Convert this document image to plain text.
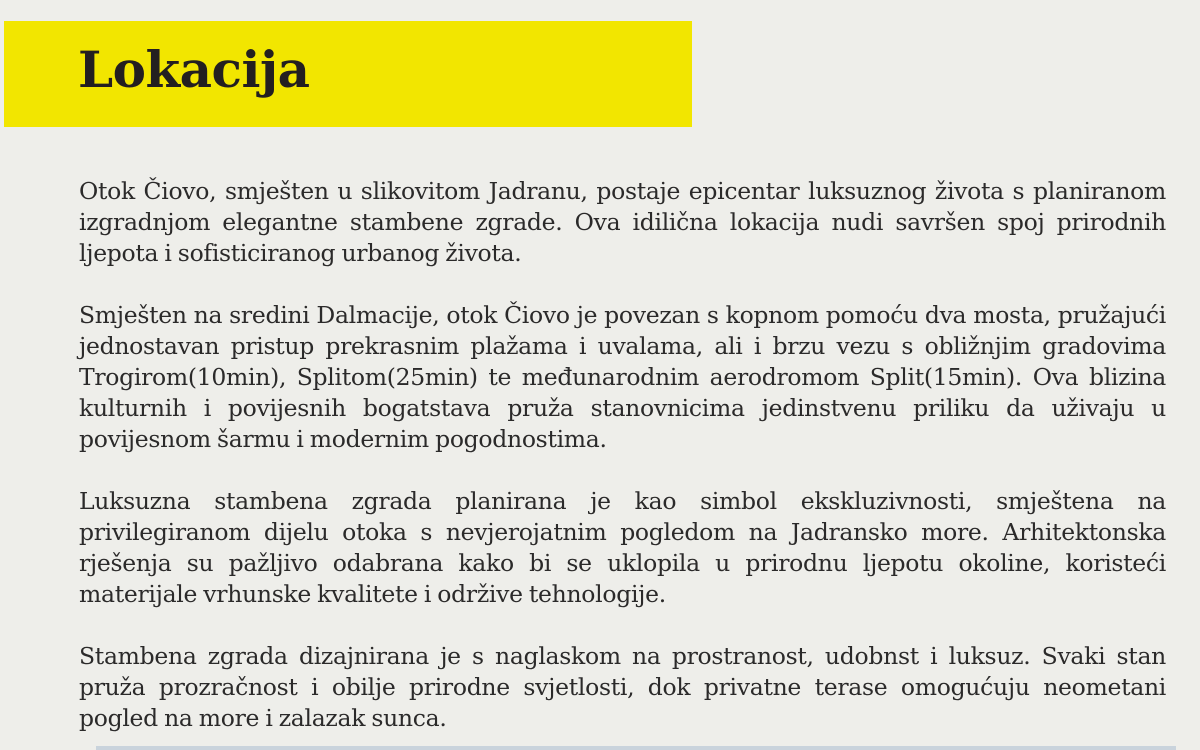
Lokacija

Otok Čiovo, smješten u slikovitom Jadranu, postaje epicentar luksuznog života s planiranom izgradnjom elegantne stambene zgrade. Ova idilična lokacija nudi savršen spoj prirodnih ljepota i sofisticiranog urbanog života.

Smješten na sredini Dalmacije, otok Čiovo je povezan s kopnom pomoću dva mosta, pružajući jednostavan pristup prekrasnim plažama i uvalama, ali i brzu vezu s obližnjim gradovima Trogirom(10min), Splitom(25min) te međunarodnim aerodromom Split(15min). Ova blizina kulturnih i povijesnih bogatstava pruža stanovnicima jedinstvenu priliku da uživaju u povijesnom šarmu i modernim pogodnostima.

Luksuzna stambena zgrada planirana je kao simbol ekskluzivnosti, smještena na privilegiranom dijelu otoka s nevjerojatnim pogledom na Jadransko more. Arhitektonska rješenja su pažljivo odabrana kako bi se uklopila u prirodnu ljepotu okoline, koristeći materijale vrhunske kvalitete i održive tehnologije.

Stambena zgrada dizajnirana je s naglaskom na prostranost, udobnst i luksuz. Svaki stan pruža prozračnost i obilje prirodne svjetlosti, dok privatne terase omogućuju neometani pogled na more i zalazak sunca.
